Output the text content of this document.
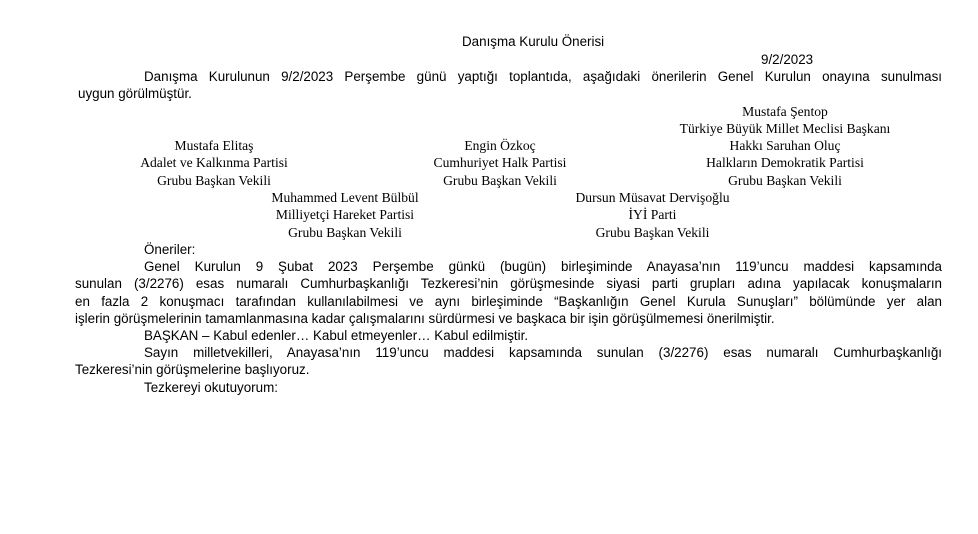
Danışma Kurulu Önerisi
9/2/2023
Danışma Kurulunun 9/2/2023 Perşembe günü yaptığı toplantıda, aşağıdaki önerilerin Genel Kurulun onayına sunulması
uygun görülmüştür.
Mustafa Şentop
Türkiye Büyük Millet Meclisi Başkanı
Mustafa Elitaş
Adalet ve Kalkınma Partisi
Grubu Başkan Vekili
Engin Özkoç
Cumhuriyet Halk Partisi
Grubu Başkan Vekili
Hakkı Saruhan Oluç
Halkların Demokratik Partisi
Grubu Başkan Vekili
Muhammed Levent Bülbül
Milliyetçi Hareket Partisi
Grubu Başkan Vekili
Dursun Müsavat Dervişoğlu
İYİ Parti
Grubu Başkan Vekili
Öneriler:
Genel Kurulun 9 Şubat 2023 Perşembe günkü (bugün) birleşiminde Anayasa’nın 119’uncu maddesi kapsamında
sunulan (3/2276) esas numaralı Cumhurbaşkanlığı Tezkeresi’nin görüşmesinde siyasi parti grupları adına yapılacak konuşmaların
en fazla 2 konuşmacı tarafından kullanılabilmesi ve aynı birleşiminde “Başkanlığın Genel Kurula Sunuşları” bölümünde yer alan
işlerin görüşmelerinin tamamlanmasına kadar çalışmalarını sürdürmesi ve başkaca bir işin görüşülmemesi önerilmiştir.
BAŞKAN – Kabul edenler… Kabul etmeyenler… Kabul edilmiştir.
Sayın milletvekilleri, Anayasa’nın 119’uncu maddesi kapsamında sunulan (3/2276) esas numaralı Cumhurbaşkanlığı
Tezkeresi’nin görüşmelerine başlıyoruz.
Tezkereyi okutuyorum:
